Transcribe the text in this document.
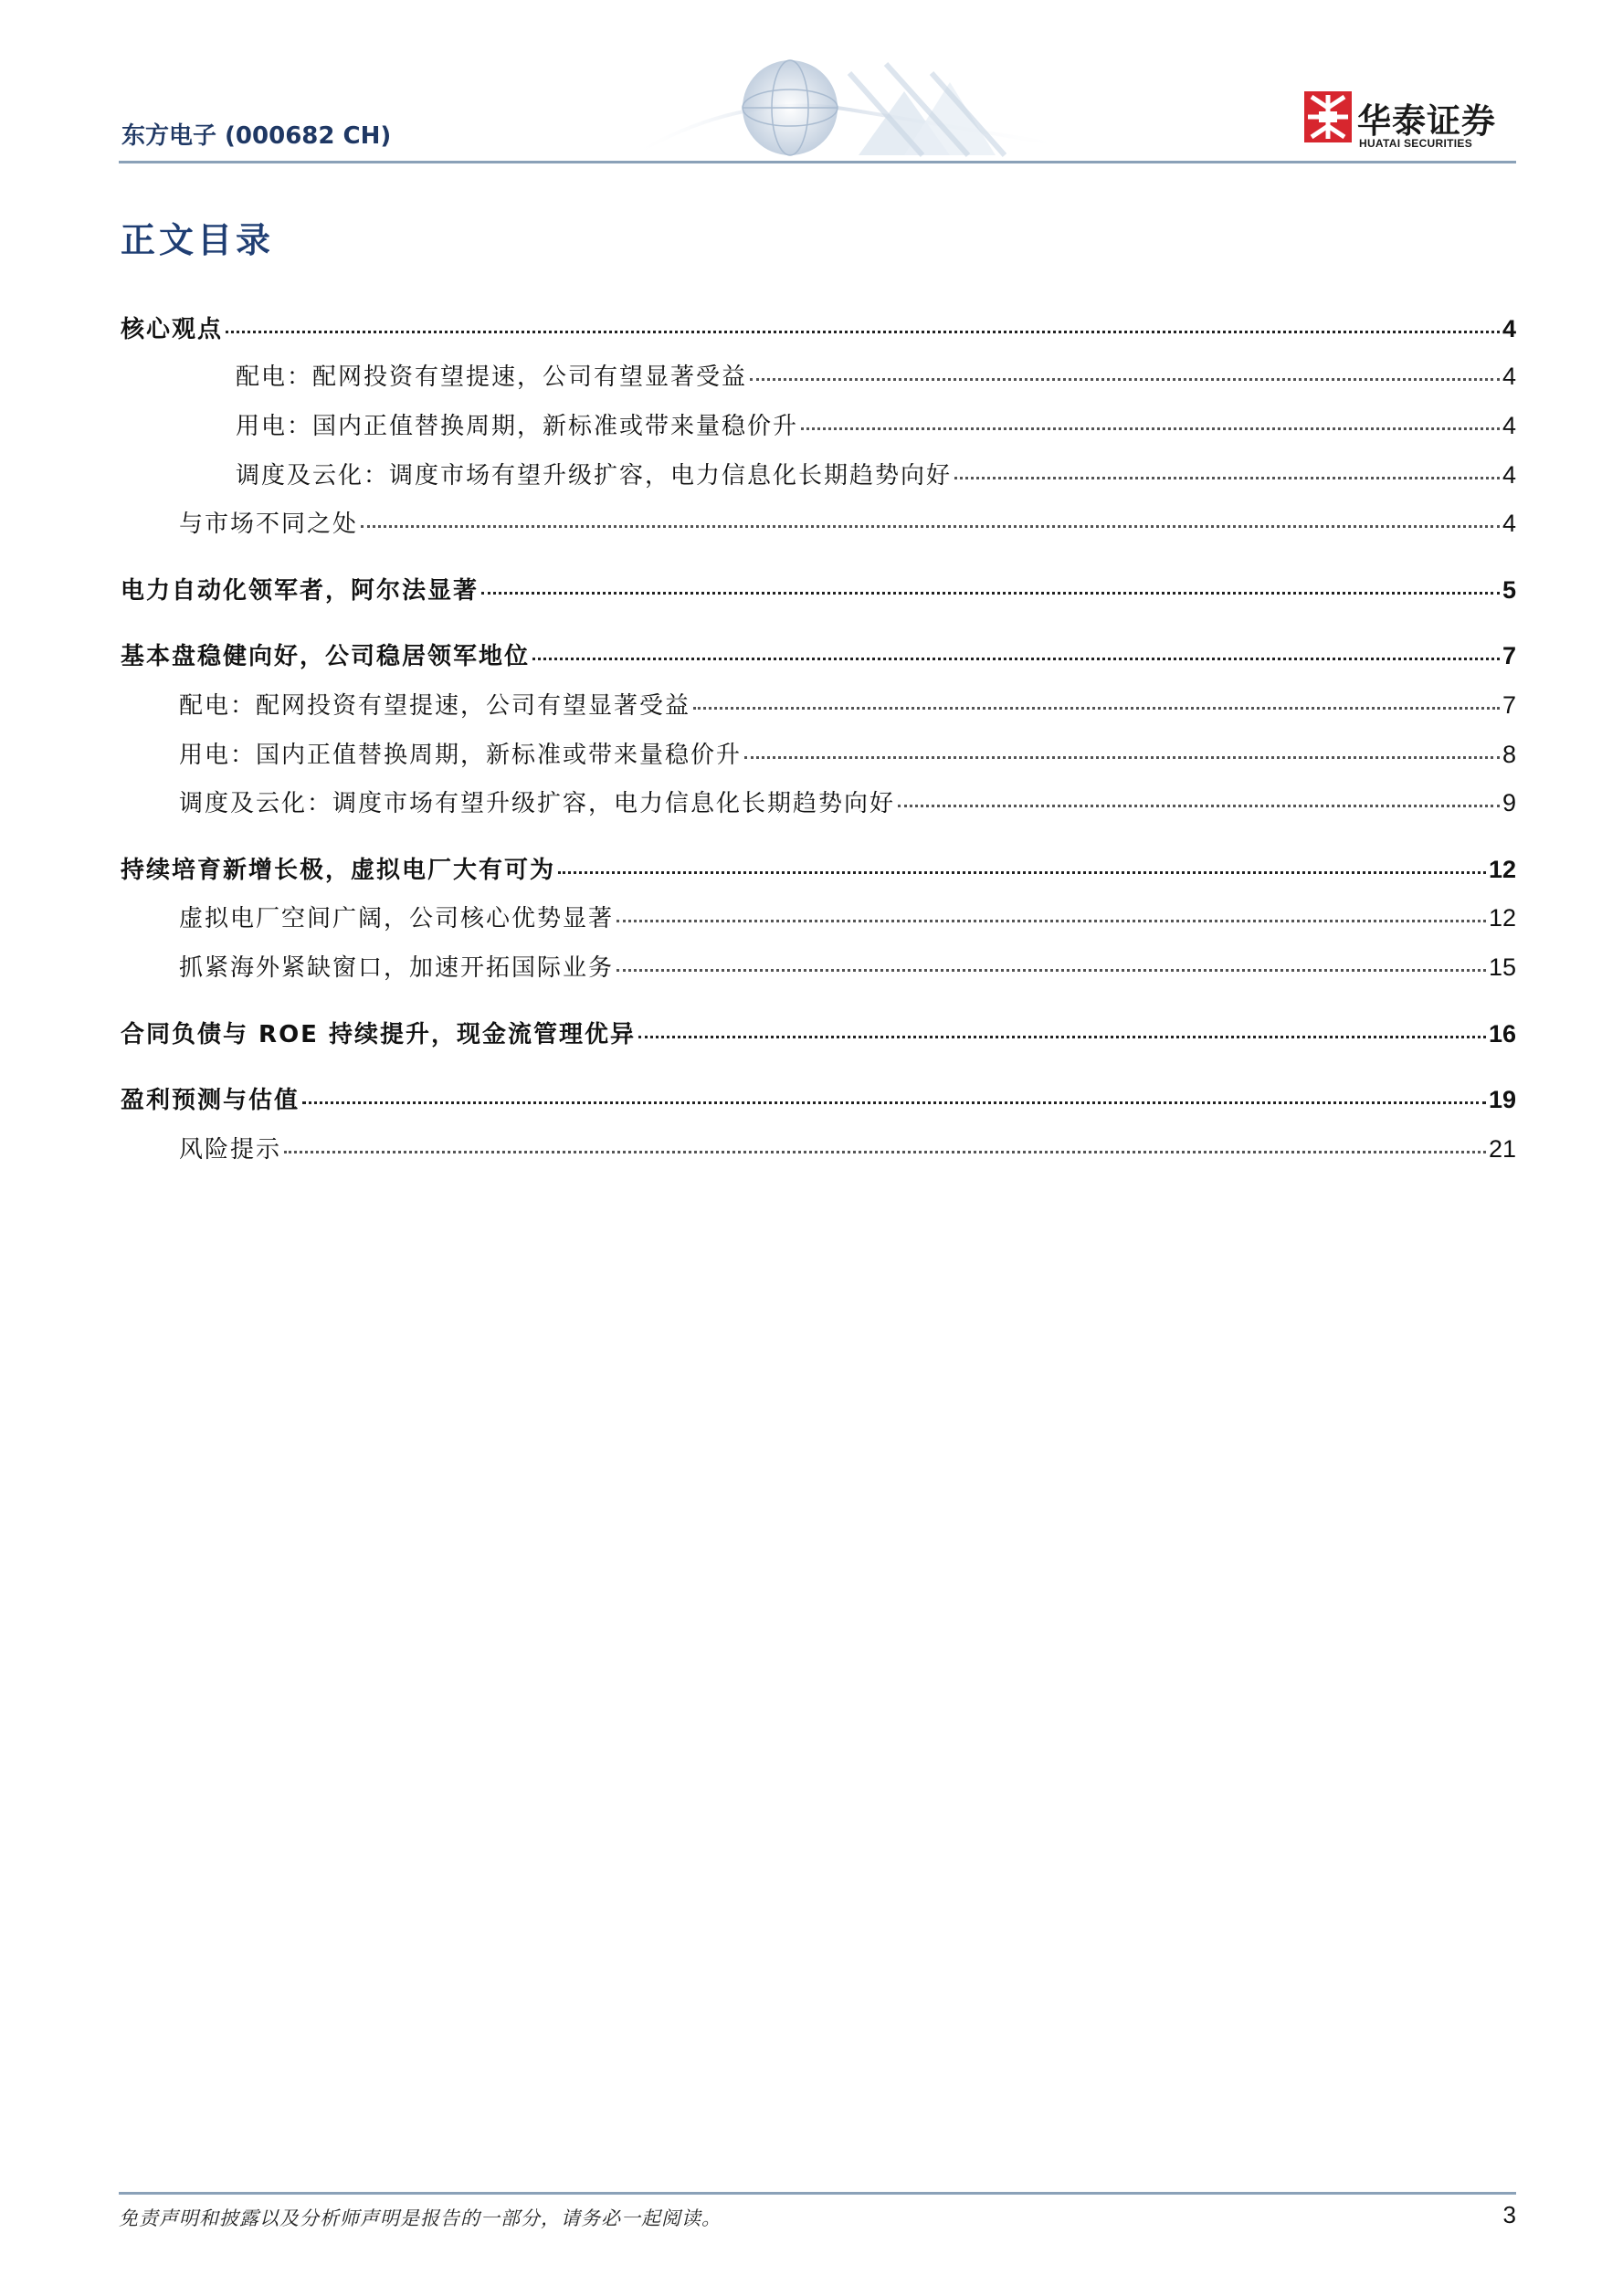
东方电子 (000682 CH)	华泰证券
HUATAI SECURITIES
正文目录
核心观点	4
配电：配网投资有望提速，公司有望显著受益	4
用电：国内正值替换周期，新标准或带来量稳价升	4
调度及云化：调度市场有望升级扩容，电力信息化长期趋势向好	4
与市场不同之处	4
电力自动化领军者，阿尔法显著	5
基本盘稳健向好，公司稳居领军地位	7
配电：配网投资有望提速，公司有望显著受益	7
用电：国内正值替换周期，新标准或带来量稳价升	8
调度及云化：调度市场有望升级扩容，电力信息化长期趋势向好	9
持续培育新增长极，虚拟电厂大有可为	12
虚拟电厂空间广阔，公司核心优势显著	12
抓紧海外紧缺窗口，加速开拓国际业务	15
合同负债与 ROE 持续提升，现金流管理优异	16
盈利预测与估值	19
风险提示	21
免责声明和披露以及分析师声明是报告的一部分，请务必一起阅读。	3
